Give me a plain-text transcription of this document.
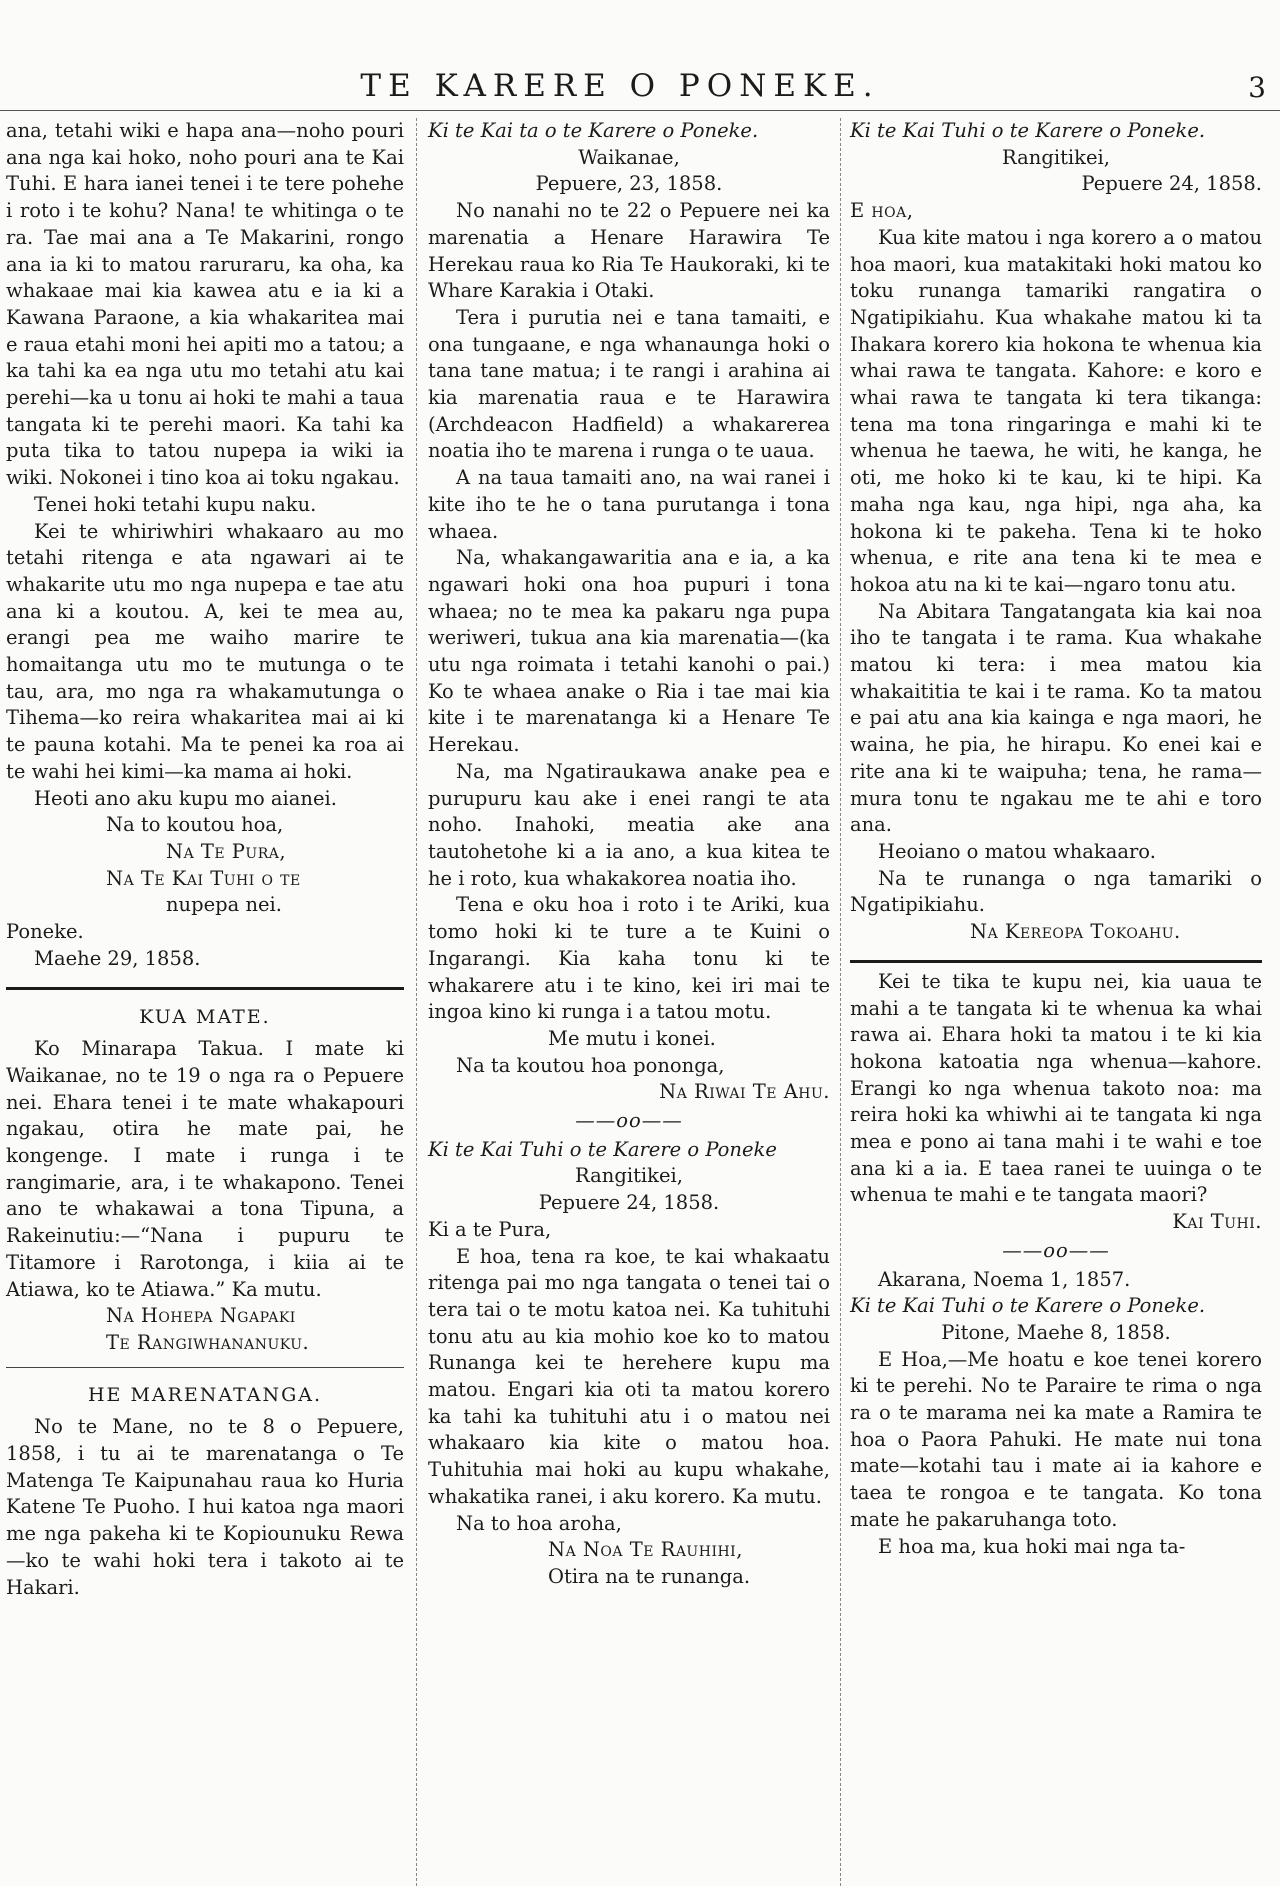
TE KARERE O PONEKE.	3

ana, tetahi wiki e hapa ana—noho pouri ana nga kai hoko, noho pouri ana te Kai Tuhi. E hara ianei tenei i te tere pohehe i roto i te kohu? Nana! te whitinga o te ra. Tae mai ana a Te Makarini, rongo ana ia ki to matou raruraru, ka oha, ka whakaae mai kia kawea atu e ia ki a Kawana Paraone, a kia whakaritea mai e raua etahi moni hei apiti mo a tatou; a ka tahi ka ea nga utu mo tetahi atu kai perehi—ka u tonu ai hoki te mahi a taua tangata ki te perehi maori. Ka tahi ka puta tika to tatou nupepa ia wiki ia wiki. Nokonei i tino koa ai toku ngakau.

Tenei hoki tetahi kupu naku.

Kei te whiriwhiri whakaaro au mo tetahi ritenga e ata ngawari ai te whakarite utu mo nga nupepa e tae atu ana ki a koutou. A, kei te mea au, erangi pea me waiho marire te homaitanga utu mo te mutunga o te tau, ara, mo nga ra whakamutunga o Tihema—ko reira whakaritea mai ai ki te pauna kotahi. Ma te penei ka roa ai te wahi hei kimi—ka mama ai hoki.

Heoti ano aku kupu mo aianei.

Na to koutou hoa,

Na Te Pura,

Na Te Kai Tuhi o te

nupepa nei.

Poneke.

Maehe 29, 1858.

KUA MATE.

Ko Minarapa Takua. I mate ki Waikanae, no te 19 o nga ra o Pepuere nei. Ehara tenei i te mate whakapouri ngakau, otira he mate pai, he kongenge. I mate i runga i te rangimarie, ara, i te whakapono. Tenei ano te whakawai a tona Tipuna, a Rakeinutiu:—“Nana i pupuru te Titamore i Rarotonga, i kiia ai te Atiawa, ko te Atiawa.” Ka mutu.

Na Hohepa Ngapaki

Te Rangiwhananuku.

HE MARENATANGA.

No te Mane, no te 8 o Pepuere, 1858, i tu ai te marenatanga o Te Matenga Te Kaipunahau raua ko Huria Katene Te Puoho. I hui katoa nga maori me nga pakeha ki te Kopiounuku Rewa—ko te wahi hoki tera i takoto ai te Hakari.

Ki te Kai ta o te Karere o Poneke.

Waikanae,

Pepuere, 23, 1858.

No nanahi no te 22 o Pepuere nei ka marenatia a Henare Harawira Te Herekau raua ko Ria Te Haukoraki, ki te Whare Karakia i Otaki.

Tera i purutia nei e tana tamaiti, e ona tungaane, e nga whanaunga hoki o tana tane matua; i te rangi i arahina ai kia marenatia raua e te Harawira (Archdeacon Hadfield) a whakarerea noatia iho te marena i runga o te uaua.

A na taua tamaiti ano, na wai ranei i kite iho te he o tana purutanga i tona whaea.

Na, whakangawaritia ana e ia, a ka ngawari hoki ona hoa pupuri i tona whaea; no te mea ka pakaru nga pupa weriweri, tukua ana kia marenatia—(ka utu nga roimata i tetahi kanohi o pai.) Ko te whaea anake o Ria i tae mai kia kite i te marenatanga ki a Henare Te Herekau.

Na, ma Ngatiraukawa anake pea e purupuru kau ake i enei rangi te ata noho. Inahoki, meatia ake ana tautohetohe ki a ia ano, a kua kitea te he i roto, kua whakakorea noatia iho.

Tena e oku hoa i roto i te Ariki, kua tomo hoki ki te ture a te Kuini o Ingarangi. Kia kaha tonu ki te whakarere atu i te kino, kei iri mai te ingoa kino ki runga i a tatou motu.

Me mutu i konei.

Na ta koutou hoa pononga,

Na Riwai Te Ahu.

——oo——

Ki te Kai Tuhi o te Karere o Poneke

Rangitikei,

Pepuere 24, 1858.

Ki a te Pura,

E hoa, tena ra koe, te kai whakaatu ritenga pai mo nga tangata o tenei tai o tera tai o te motu katoa nei. Ka tuhituhi tonu atu au kia mohio koe ko to matou Runanga kei te herehere kupu ma matou. Engari kia oti ta matou korero ka tahi ka tuhituhi atu i o matou nei whakaaro kia kite o matou hoa. Tuhituhia mai hoki au kupu whakahe, whakatika ranei, i aku korero. Ka mutu.

Na to hoa aroha,

Na Noa Te Rauhihi,

Otira na te runanga.

Ki te Kai Tuhi o te Karere o Poneke.

Rangitikei,

Pepuere 24, 1858.

E hoa,

Kua kite matou i nga korero a o matou hoa maori, kua matakitaki hoki matou ko toku runanga tamariki rangatira o Ngatipikiahu. Kua whakahe matou ki ta Ihakara korero kia hokona te whenua kia whai rawa te tangata. Kahore: e koro e whai rawa te tangata ki tera tikanga: tena ma tona ringaringa e mahi ki te whenua he taewa, he witi, he kanga, he oti, me hoko ki te kau, ki te hipi. Ka maha nga kau, nga hipi, nga aha, ka hokona ki te pakeha. Tena ki te hoko whenua, e rite ana tena ki te mea e hokoa atu na ki te kai—ngaro tonu atu.

Na Abitara Tangatangata kia kai noa iho te tangata i te rama. Kua whakahe matou ki tera: i mea matou kia whakaititia te kai i te rama. Ko ta matou e pai atu ana kia kainga e nga maori, he waina, he pia, he hirapu. Ko enei kai e rite ana ki te waipuha; tena, he rama—mura tonu te ngakau me te ahi e toro ana.

Heoiano o matou whakaaro.

Na te runanga o nga tamariki o Ngatipikiahu.

Na Kereopa Tokoahu.

Kei te tika te kupu nei, kia uaua te mahi a te tangata ki te whenua ka whai rawa ai. Ehara hoki ta matou i te ki kia hokona katoatia nga whenua—kahore. Erangi ko nga whenua takoto noa: ma reira hoki ka whiwhi ai te tangata ki nga mea e pono ai tana mahi i te wahi e toe ana ki a ia. E taea ranei te uuinga o te whenua te mahi e te tangata maori?

Kai Tuhi.

——oo——

Akarana, Noema 1, 1857.

Ki te Kai Tuhi o te Karere o Poneke.

Pitone, Maehe 8, 1858.

E Hoa,—Me hoatu e koe tenei korero ki te perehi. No te Paraire te rima o nga ra o te marama nei ka mate a Ramira te hoa o Paora Pahuki. He mate nui tona mate—kotahi tau i mate ai ia kahore e taea te rongoa e te tangata. Ko tona mate he pakaruhanga toto.

E hoa ma, kua hoki mai nga ta-
